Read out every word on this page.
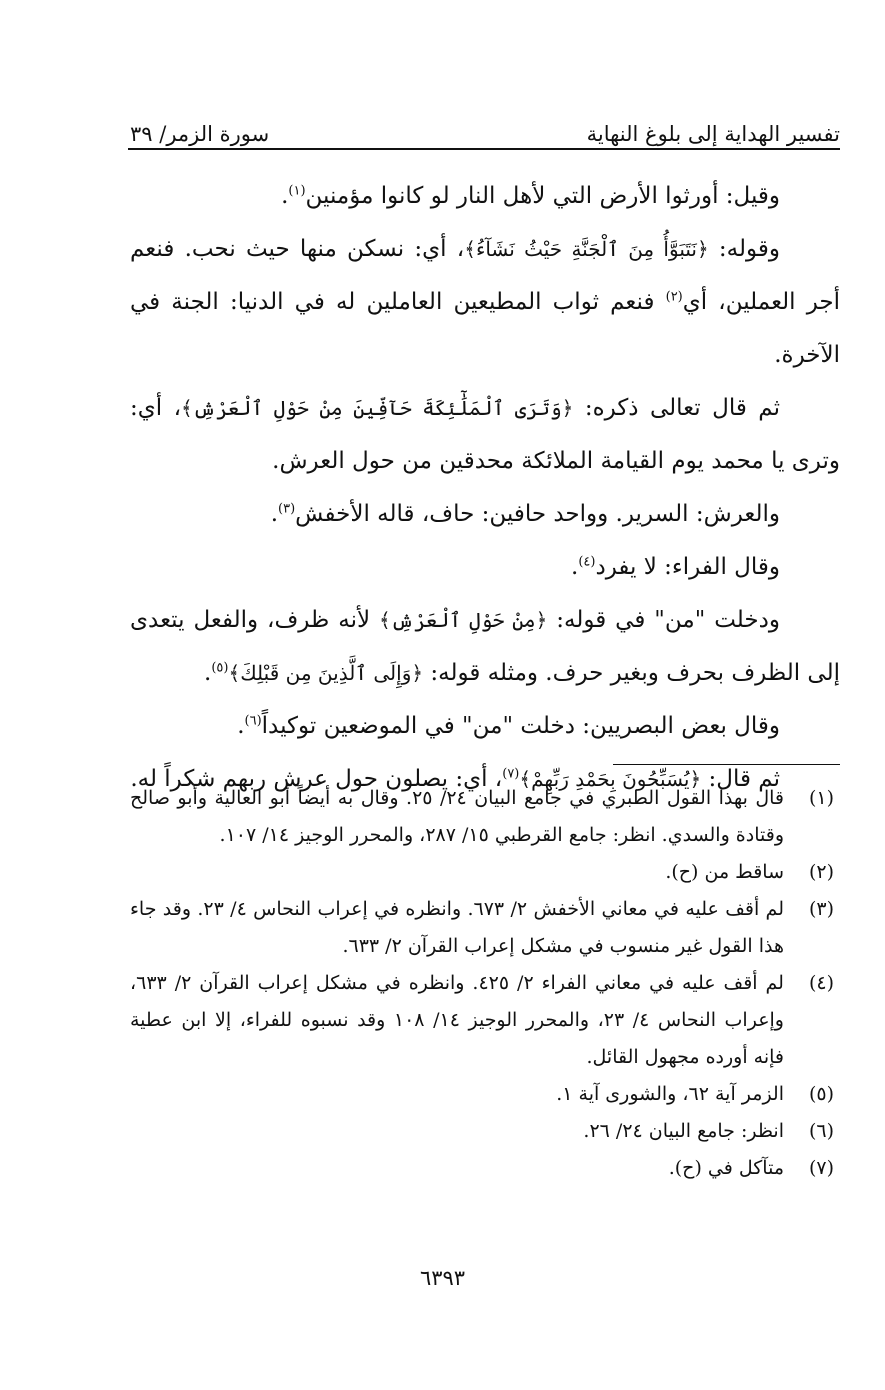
تفسير الهداية إلى بلوغ النهاية
سورة الزمر/ ٣٩

وقيل: أورثوا الأرض التي لأهل النار لو كانوا مؤمنين$^{(١)}$.

وقوله: ﴿نَتَبَوَّأُ مِنَ ٱلْجَنَّةِ حَيْثُ نَشَآءُ﴾، أي: نسكن منها حيث نحب. فنعم أجر العملين، أي$^{(٢)}$ فنعم ثواب المطيعين العاملين له في الدنيا: الجنة في الآخرة.

ثم قال تعالى ذكره: ﴿وَتَرَى ٱلْمَلَٰٓئِكَةَ حَآفِّينَ مِنْ حَوْلِ ٱلْعَرْشِ﴾، أي: وترى يا محمد يوم القيامة الملائكة محدقين من حول العرش.

والعرش: السرير. وواحد حافين: حاف، قاله الأخفش$^{(٣)}$.

وقال الفراء: لا يفرد$^{(٤)}$.

ودخلت "من" في قوله: ﴿مِنْ حَوْلِ ٱلْعَرْشِ﴾ لأنه ظرف، والفعل يتعدى إلى الظرف بحرف وبغير حرف. ومثله قوله: ﴿وَإِلَى ٱلَّذِينَ مِن قَبْلِكَ﴾$^{(٥)}$.

وقال بعض البصريين: دخلت "من" في الموضعين توكيداً$^{(٦)}$.

ثم قال: ﴿يُسَبِّحُونَ بِحَمْدِ رَبِّهِمْ﴾$^{(٧)}$، أي: يصلون حول عرش ربهم شكراً له.

(١)
قال بهذا القول الطبري في جامع البيان ٢٤/ ٢٥. وقال به أيضاً أبو العالية وأبو صالح وقتادة والسدي. انظر: جامع القرطبي ١٥/ ٢٨٧، والمحرر الوجيز ١٤/ ١٠٧.
(٢)
ساقط من (ح).
(٣)
لم أقف عليه في معاني الأخفش ٢/ ٦٧٣. وانظره في إعراب النحاس ٤/ ٢٣. وقد جاء هذا القول غير منسوب في مشكل إعراب القرآن ٢/ ٦٣٣.
(٤)
لم أقف عليه في معاني الفراء ٢/ ٤٢٥. وانظره في مشكل إعراب القرآن ٢/ ٦٣٣، وإعراب النحاس ٤/ ٢٣، والمحرر الوجيز ١٤/ ١٠٨ وقد نسبوه للفراء، إلا ابن عطية فإنه أورده مجهول القائل.
(٥)
الزمر آية ٦٢، والشورى آية ١.
(٦)
انظر: جامع البيان ٢٤/ ٢٦.
(٧)
متآكل في (ح).
٦٣٩٣
